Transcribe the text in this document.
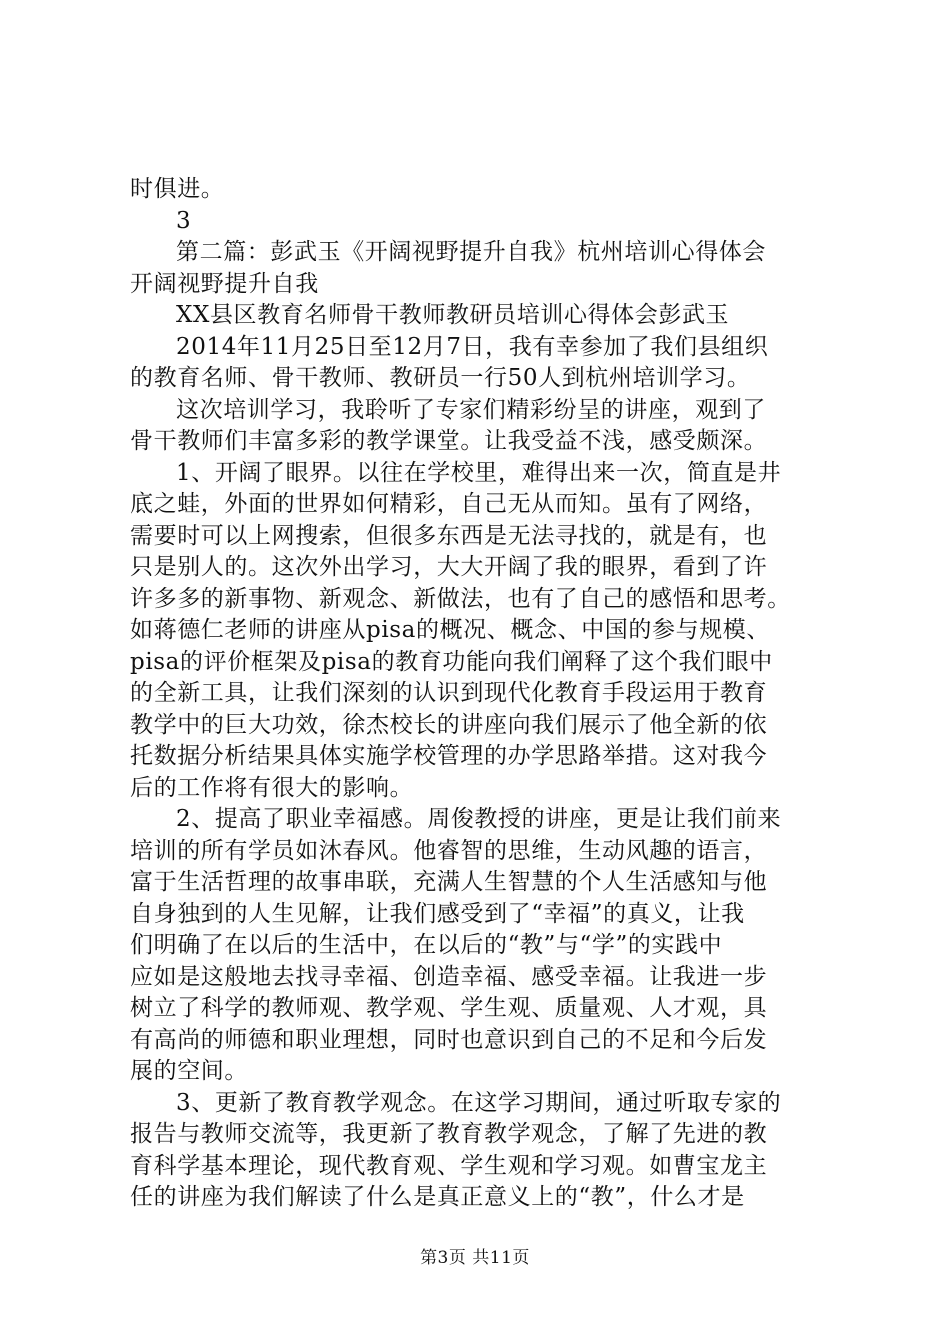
时俱进。
3
第二篇：彭武玉《开阔视野提升自我》杭州培训心得体会
开阔视野提升自我
XX县区教育名师骨干教师教研员培训心得体会彭武玉
2014年11月25日至12月7日，我有幸参加了我们县组织
的教育名师、骨干教师、教研员一行50人到杭州培训学习。
这次培训学习，我聆听了专家们精彩纷呈的讲座，观到了
骨干教师们丰富多彩的教学课堂。让我受益不浅，感受颇深。
1、开阔了眼界。以往在学校里，难得出来一次，简直是井
底之蛙，外面的世界如何精彩，自己无从而知。虽有了网络，
需要时可以上网搜索，但很多东西是无法寻找的，就是有，也
只是别人的。这次外出学习，大大开阔了我的眼界，看到了许
许多多的新事物、新观念、新做法，也有了自己的感悟和思考。
如蒋德仁老师的讲座从pisa的概况、概念、中国的参与规模、
pisa的评价框架及pisa的教育功能向我们阐释了这个我们眼中
的全新工具，让我们深刻的认识到现代化教育手段运用于教育
教学中的巨大功效，徐杰校长的讲座向我们展示了他全新的依
托数据分析结果具体实施学校管理的办学思路举措。这对我今
后的工作将有很大的影响。
2、提高了职业幸福感。周俊教授的讲座，更是让我们前来
培训的所有学员如沐春风。他睿智的思维，生动风趣的语言，
富于生活哲理的故事串联，充满人生智慧的个人生活感知与他
自身独到的人生见解，让我们感受到了“幸福”的真义，让我
们明确了在以后的生活中，在以后的“教”与“学”的实践中
应如是这般地去找寻幸福、创造幸福、感受幸福。让我进一步
树立了科学的教师观、教学观、学生观、质量观、人才观，具
有高尚的师德和职业理想，同时也意识到自己的不足和今后发
展的空间。
3、更新了教育教学观念。在这学习期间，通过听取专家的
报告与教师交流等，我更新了教育教学观念，了解了先进的教
育科学基本理论，现代教育观、学生观和学习观。如曹宝龙主
任的讲座为我们解读了什么是真正意义上的“教”，什么才是
第3页 共11页
